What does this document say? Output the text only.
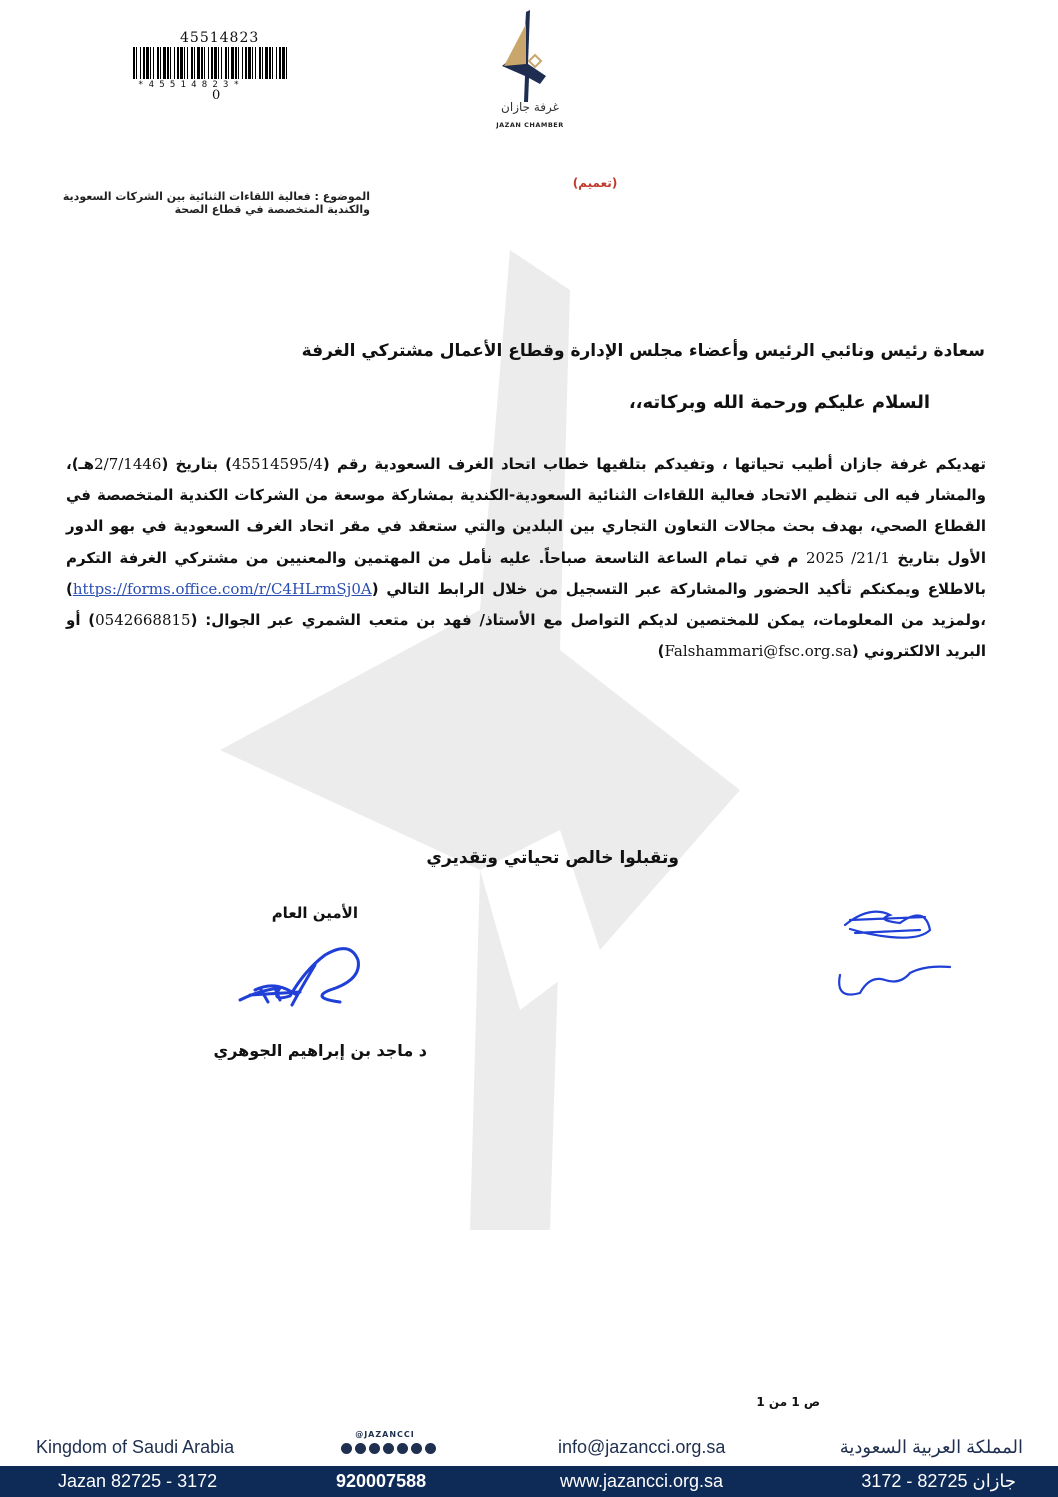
45514823
*45514823*
0
غرفة جازان
JAZAN CHAMBER
(تعميم)
الموضوع : فعالية اللقاءات الثنائية بين الشركات السعودية
والكندية المتخصصة في قطاع الصحة
سعادة رئيس ونائبي الرئيس وأعضاء مجلس الإدارة وقطاع الأعمال مشتركي الغرفة
السلام عليكم ورحمة الله وبركاته،،

تهديكم غرفة جازان أطيب تحياتها ، وتفيدكم بتلقيها خطاب اتحاد الغرف السعودية رقم (45514595/4) بتاريخ (2/7/1446هـ)، والمشار فيه الى تنظيم الاتحاد فعالية اللقاءات الثنائية السعودية-الكندية بمشاركة موسعة من الشركات الكندية المتخصصة في القطاع الصحي، بهدف بحث مجالات التعاون التجاري بين البلدين والتي ستعقد في مقر اتحاد الغرف السعودية في بهو الدور الأول بتاريخ 21/1/ 2025 م في تمام الساعة التاسعة صباحاً. عليه نأمل من المهتمين والمعنيين من مشتركي الغرفة التكرم بالاطلاع ويمكنكم تأكيد الحضور والمشاركة عبر التسجيل من خلال الرابط التالي (https://forms.office.com/r/C4HLrmSj0A) ،ولمزيد من المعلومات، يمكن للمختصين لديكم التواصل مع الأستاذ/ فهد بن متعب الشمري عبر الجوال: (0542668815) أو البريد الالكتروني (Falshammari@fsc.org.sa)

وتقبلوا خالص تحياتي وتقديري
الأمين العام
د ماجد بن إبراهيم الجوهري
ص 1 من 1
Kingdom of Saudi Arabia	info@jazancci.org.sa	المملكة العربية السعودية
@JAZANCCI
Jazan 82725 - 3172	920007588	www.jazancci.org.sa	جازان 82725 - 3172
